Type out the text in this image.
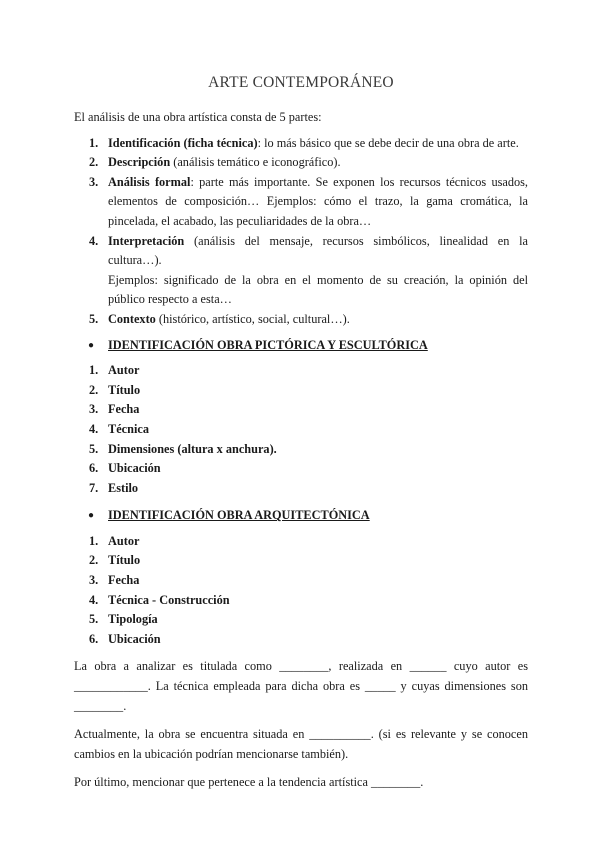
ARTE CONTEMPORÁNEO
El análisis de una obra artística consta de 5 partes:
1. Identificación (ficha técnica): lo más básico que se debe decir de una obra de arte.
2. Descripción (análisis temático e iconográfico).
3. Análisis formal: parte más importante. Se exponen los recursos técnicos usados, elementos de composición… Ejemplos: cómo el trazo, la gama cromática, la pincelada, el acabado, las peculiaridades de la obra…
4. Interpretación (análisis del mensaje, recursos simbólicos, linealidad en la cultura…).
Ejemplos: significado de la obra en el momento de su creación, la opinión del público respecto a esta…
5. Contexto (histórico, artístico, social, cultural…).
● IDENTIFICACIÓN OBRA PICTÓRICA Y ESCULTÓRICA
1. Autor
2. Título
3. Fecha
4. Técnica
5. Dimensiones (altura x anchura).
6. Ubicación
7. Estilo
● IDENTIFICACIÓN OBRA ARQUITECTÓNICA
1. Autor
2. Título
3. Fecha
4. Técnica - Construcción
5. Tipología
6. Ubicación

La obra a analizar es titulada como ________, realizada en ______ cuyo autor es ____________. La técnica empleada para dicha obra es _____ y cuyas dimensiones son ________.

Actualmente, la obra se encuentra situada en __________. (si es relevante y se conocen cambios en la ubicación podrían mencionarse también).

Por último, mencionar que pertenece a la tendencia artística ________.
